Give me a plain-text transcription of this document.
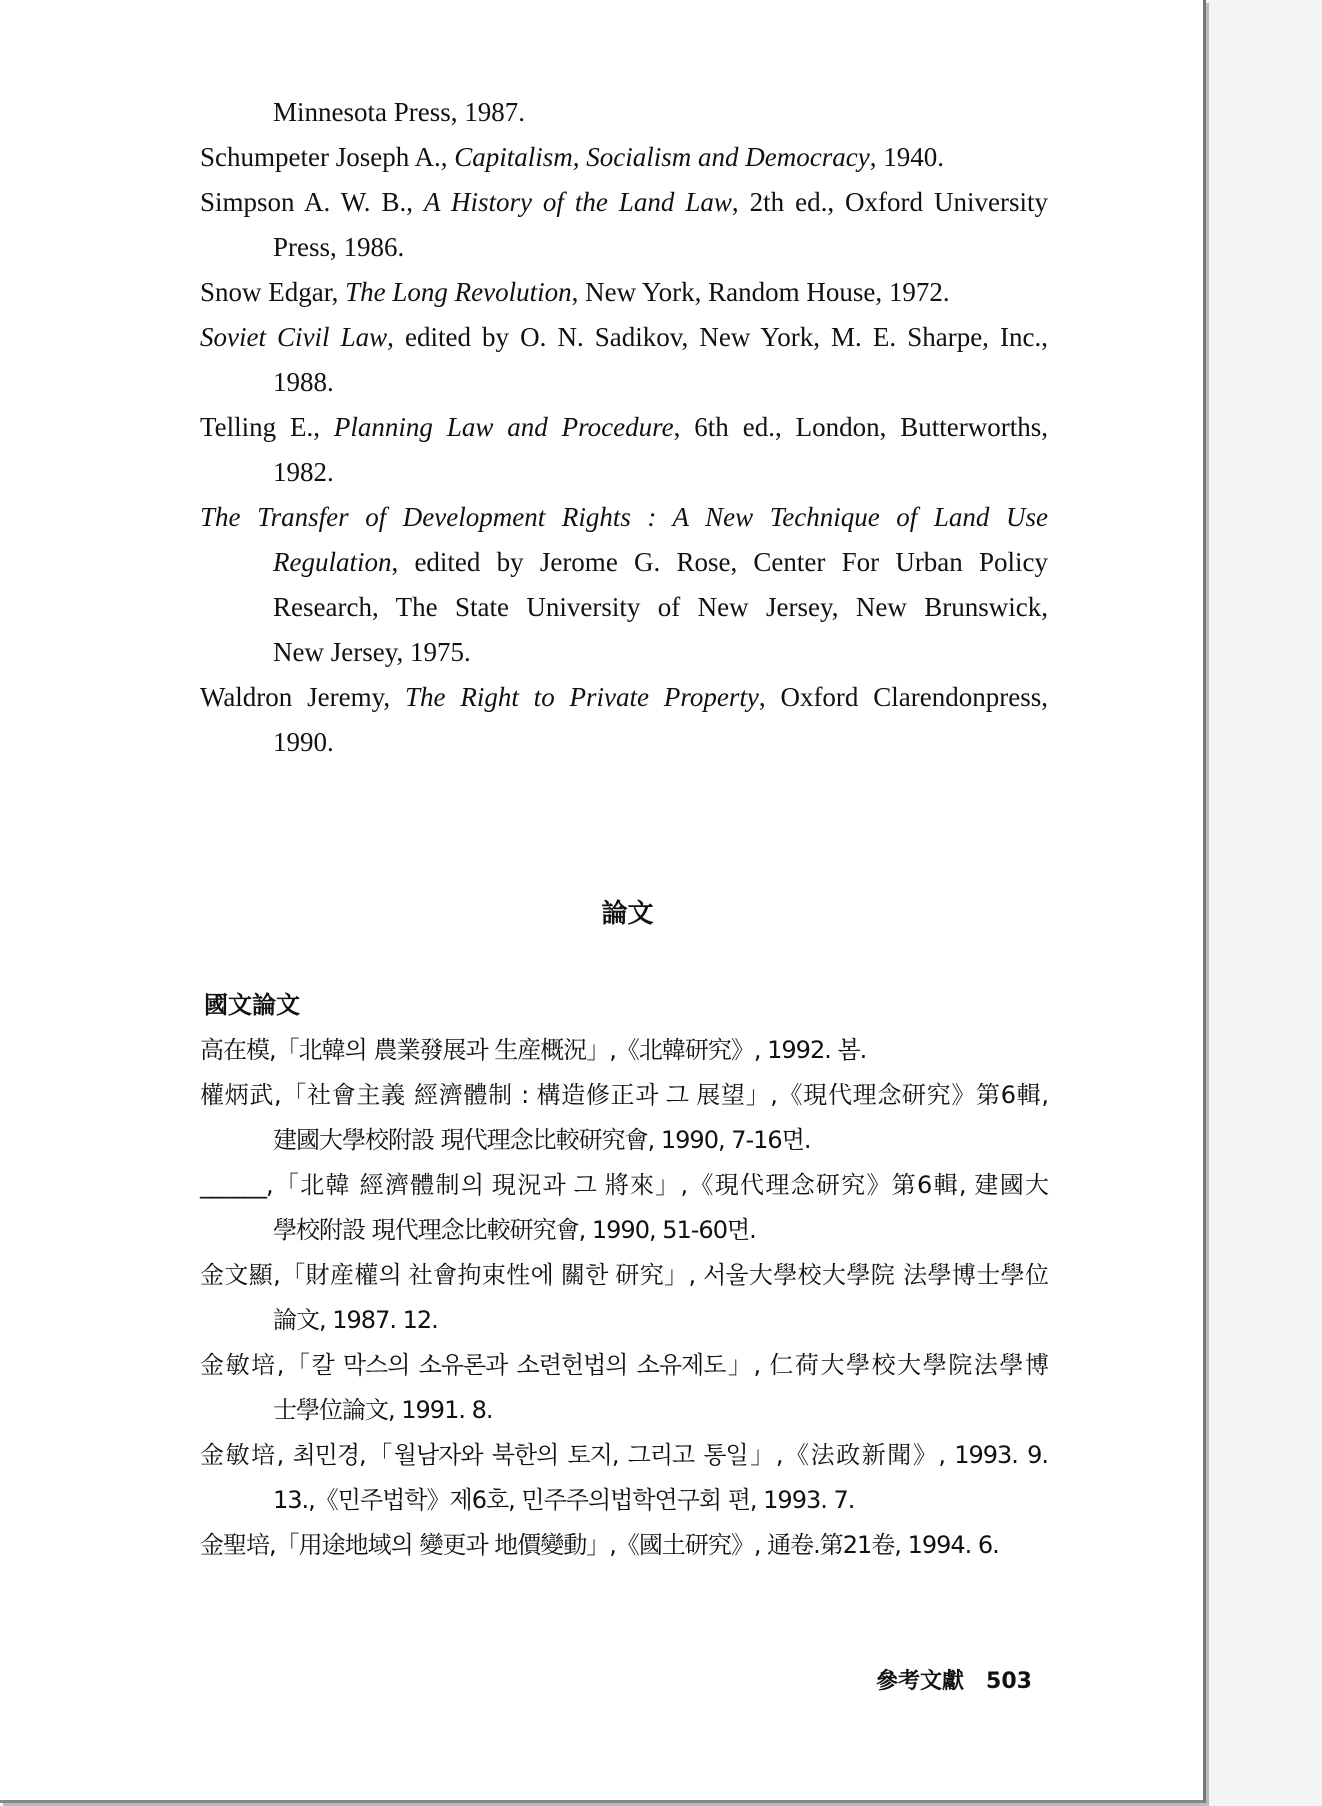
Minnesota Press, 1987.
Schumpeter Joseph A., Capitalism, Socialism and Democracy, 1940.
Simpson A. W. B., A History of the Land Law, 2th ed., Oxford University
Press, 1986.
Snow Edgar, The Long Revolution, New York, Random House, 1972.
Soviet Civil Law, edited by O. N. Sadikov, New York, M. E. Sharpe, Inc.,
1988.
Telling E., Planning Law and Procedure, 6th ed., London, Butterworths,
1982.
The Transfer of Development Rights : A New Technique of Land Use
Regulation, edited by Jerome G. Rose, Center For Urban Policy
Research, The State University of New Jersey, New Brunswick,
New Jersey, 1975.
Waldron Jeremy, The Right to Private Property, Oxford Clarendonpress,
1990.
論文
國文論文
高在模,「北韓의 農業發展과 生産概況」,《北韓研究》, 1992. 봄.
權炳武,「社會主義 經濟體制 : 構造修正과 그 展望」,《現代理念研究》第6輯,
建國大學校附設 現代理念比較研究會, 1990, 7-16면.
______,「北韓 經濟體制의 現況과 그 將來」,《現代理念研究》第6輯, 建國大
學校附設 現代理念比較研究會, 1990, 51-60면.
金文顯,「財産權의 社會拘束性에 關한 研究」, 서울大學校大學院 法學博士學位
論文, 1987. 12.
金敏培,「칼 막스의 소유론과 소련헌법의 소유제도」, 仁荷大學校大學院法學博
士學位論文, 1991. 8.
金敏培, 최민경,「월남자와 북한의 토지, 그리고 통일」,《法政新聞》, 1993. 9.
13.,《민주법학》제6호, 민주주의법학연구회 편, 1993. 7.
金聖培,「用途地域의 變更과 地價變動」,《國土研究》, 通卷.第21卷, 1994. 6.
參考文獻 503
